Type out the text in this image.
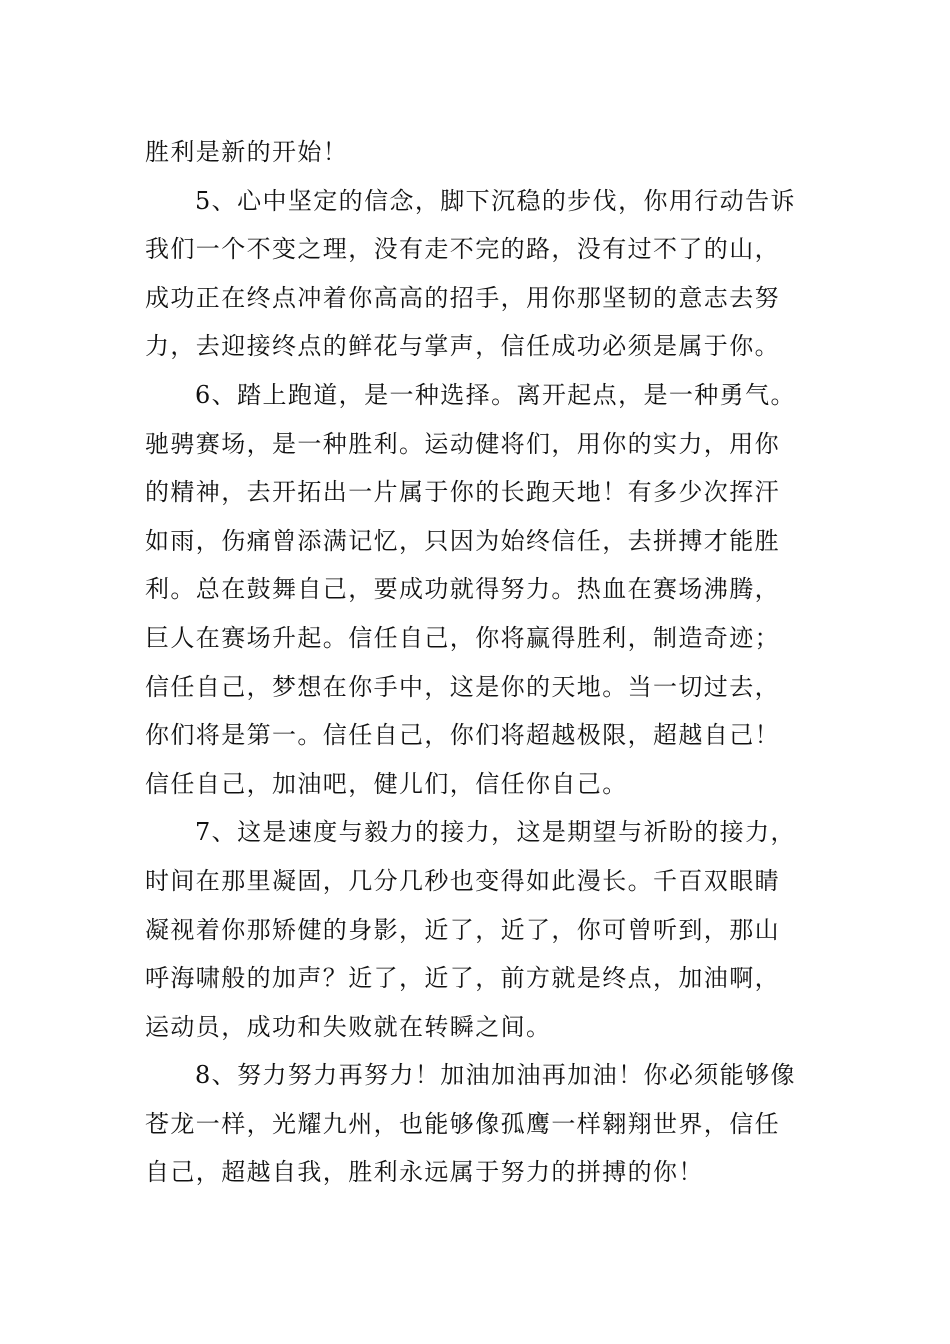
胜利是新的开始！
5、心中坚定的信念，脚下沉稳的步伐，你用行动告诉
我们一个不变之理，没有走不完的路，没有过不了的山，
成功正在终点冲着你高高的招手，用你那坚韧的意志去努
力，去迎接终点的鲜花与掌声，信任成功必须是属于你。
6、踏上跑道，是一种选择。离开起点，是一种勇气。
驰骋赛场，是一种胜利。运动健将们，用你的实力，用你
的精神，去开拓出一片属于你的长跑天地！有多少次挥汗
如雨，伤痛曾添满记忆，只因为始终信任，去拼搏才能胜
利。总在鼓舞自己，要成功就得努力。热血在赛场沸腾，
巨人在赛场升起。信任自己，你将赢得胜利，制造奇迹；
信任自己，梦想在你手中，这是你的天地。当一切过去，
你们将是第一。信任自己，你们将超越极限，超越自己！
信任自己，加油吧，健儿们，信任你自己。
7、这是速度与毅力的接力，这是期望与祈盼的接力，
时间在那里凝固，几分几秒也变得如此漫长。千百双眼睛
凝视着你那矫健的身影，近了，近了，你可曾听到，那山
呼海啸般的加声？近了，近了，前方就是终点，加油啊，
运动员，成功和失败就在转瞬之间。
8、努力努力再努力！加油加油再加油！你必须能够像
苍龙一样，光耀九州，也能够像孤鹰一样翱翔世界，信任
自己，超越自我，胜利永远属于努力的拼搏的你！
